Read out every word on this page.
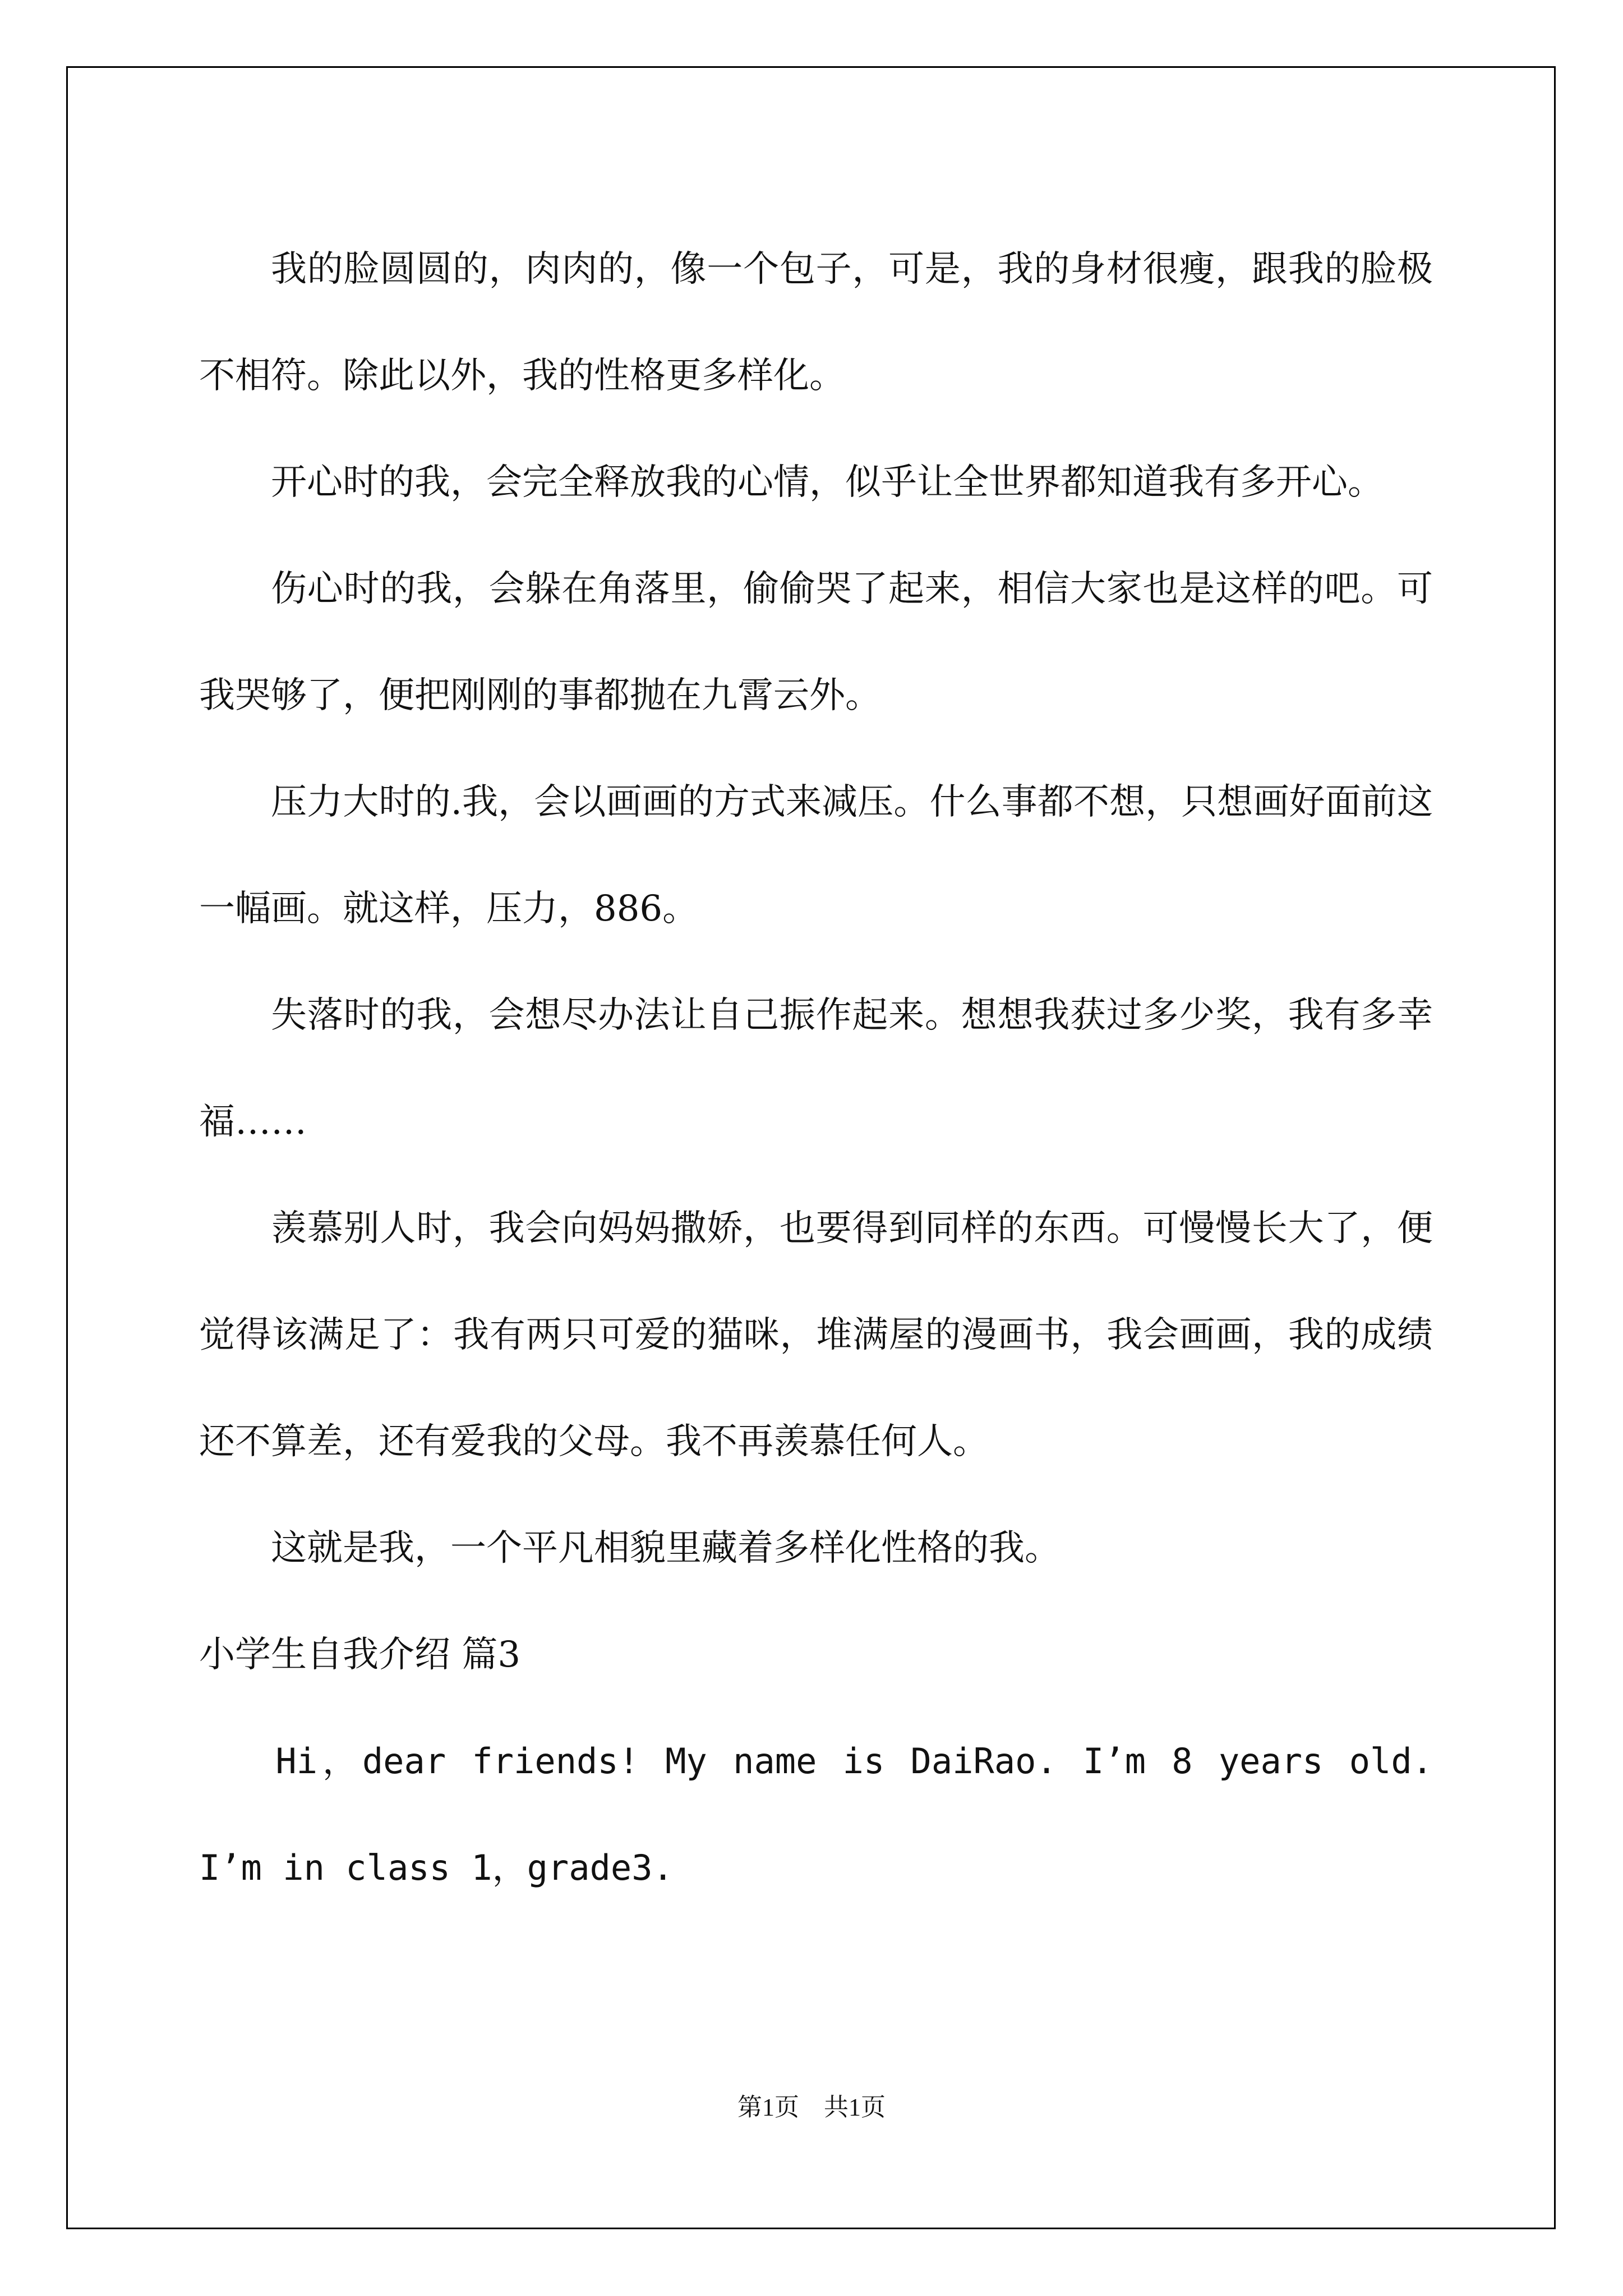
我的脸圆圆的，肉肉的，像一个包子，可是，我的身材很瘦，跟我的脸极不相符。除此以外，我的性格更多样化。

开心时的我，会完全释放我的心情，似乎让全世界都知道我有多开心。

伤心时的我，会躲在角落里，偷偷哭了起来，相信大家也是这样的吧。可我哭够了，便把刚刚的事都抛在九霄云外。

压力大时的.我，会以画画的方式来减压。什么事都不想，只想画好面前这一幅画。就这样，压力，886。

失落时的我，会想尽办法让自己振作起来。想想我获过多少奖，我有多幸福……

羡慕别人时，我会向妈妈撒娇，也要得到同样的东西。可慢慢长大了，便觉得该满足了：我有两只可爱的猫咪，堆满屋的漫画书，我会画画，我的成绩还不算差，还有爱我的父母。我不再羡慕任何人。

这就是我，一个平凡相貌里藏着多样化性格的我。

小学生自我介绍 篇3

Hi，dear friends! My name is DaiRao. I’m 8 years old. I’m in class 1，grade3.

第1页　共1页
